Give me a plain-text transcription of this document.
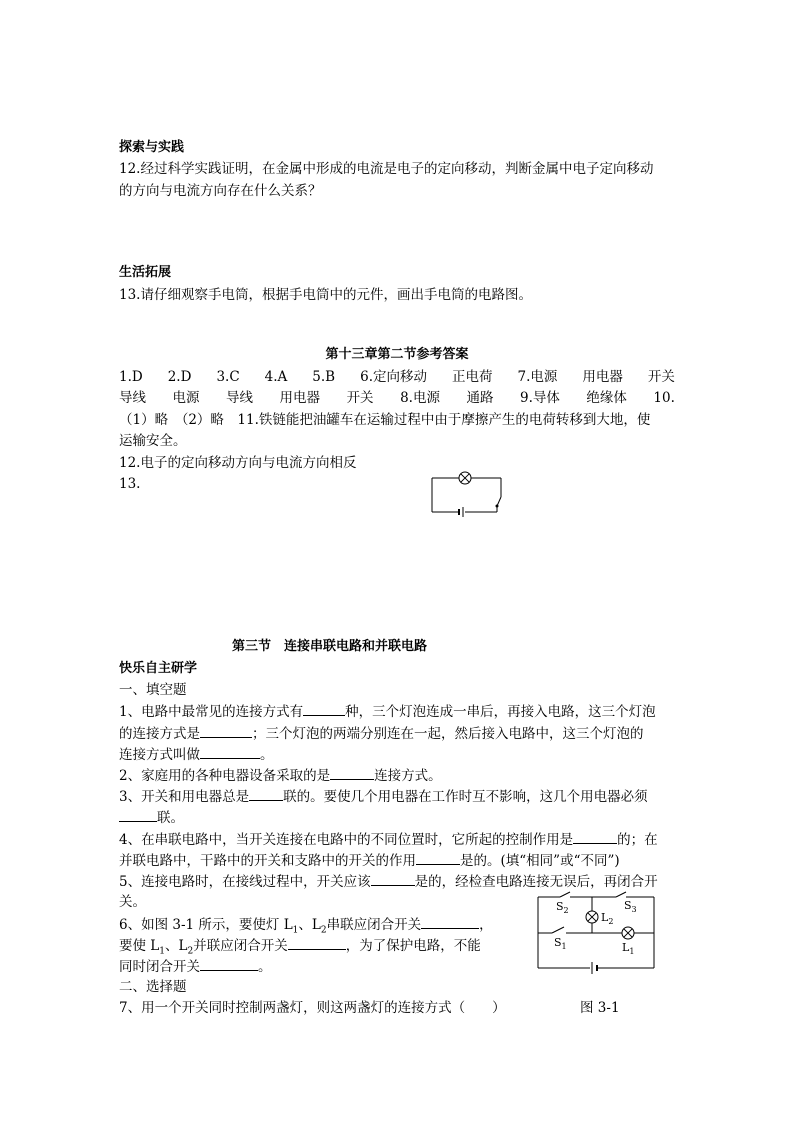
探索与实践
12.经过科学实践证明，在金属中形成的电流是电子的定向移动，判断金属中电子定向移动
的方向与电流方向存在什么关系？
生活拓展
13.请仔细观察手电筒，根据手电筒中的元件，画出手电筒的电路图。
第十三章第二节参考答案
1.D 2.D 3.C 4.A 5.B 6.定向移动 正电荷 7.电源 用电器 开关
导线 电源 导线 用电器 开关 8.电源 通路 9.导体 绝缘体 10.
（1）略　（2）略　11.铁链能把油罐车在运输过程中由于摩擦产生的电荷转移到大地，使
运输安全。
12.电子的定向移动方向与电流方向相反
13.
第三节　连接串联电路和并联电路
快乐自主研学
一、填空题
1、电路中最常见的连接方式有	种，三个灯泡连成一串后，再接入电路，这三个灯泡
的连接方式是	；三个灯泡的两端分别连在一起，然后接入电路中，这三个灯泡的
连接方式叫做	。
2、家庭用的各种电器设备采取的是	连接方式。
3、开关和用电器总是	联的。要使几个用电器在工作时互不影响，这几个用电器必须
联。
4、在串联电路中，当开关连接在电路中的不同位置时，它所起的控制作用是	的；在
并联电路中，干路中的开关和支路中的开关的作用	是的。(填“相同”或“不同”)
5、连接电路时，在接线过程中，开关应该	是的，经检查电路连接无误后，再闭合开
关。
6、如图 3-1 所示，要使灯 $L_1$、$L_2$串联应闭合开关	，
要使 $L_1$、$L_2$并联应闭合开关	，为了保护电路，不能
同时闭合开关	。
二、选择题
7、用一个开关同时控制两盏灯，则这两盏灯的连接方式（　　）
$S_2$	$S_3$
$L_2$
$S_1$	$L_1$
图 3-1
